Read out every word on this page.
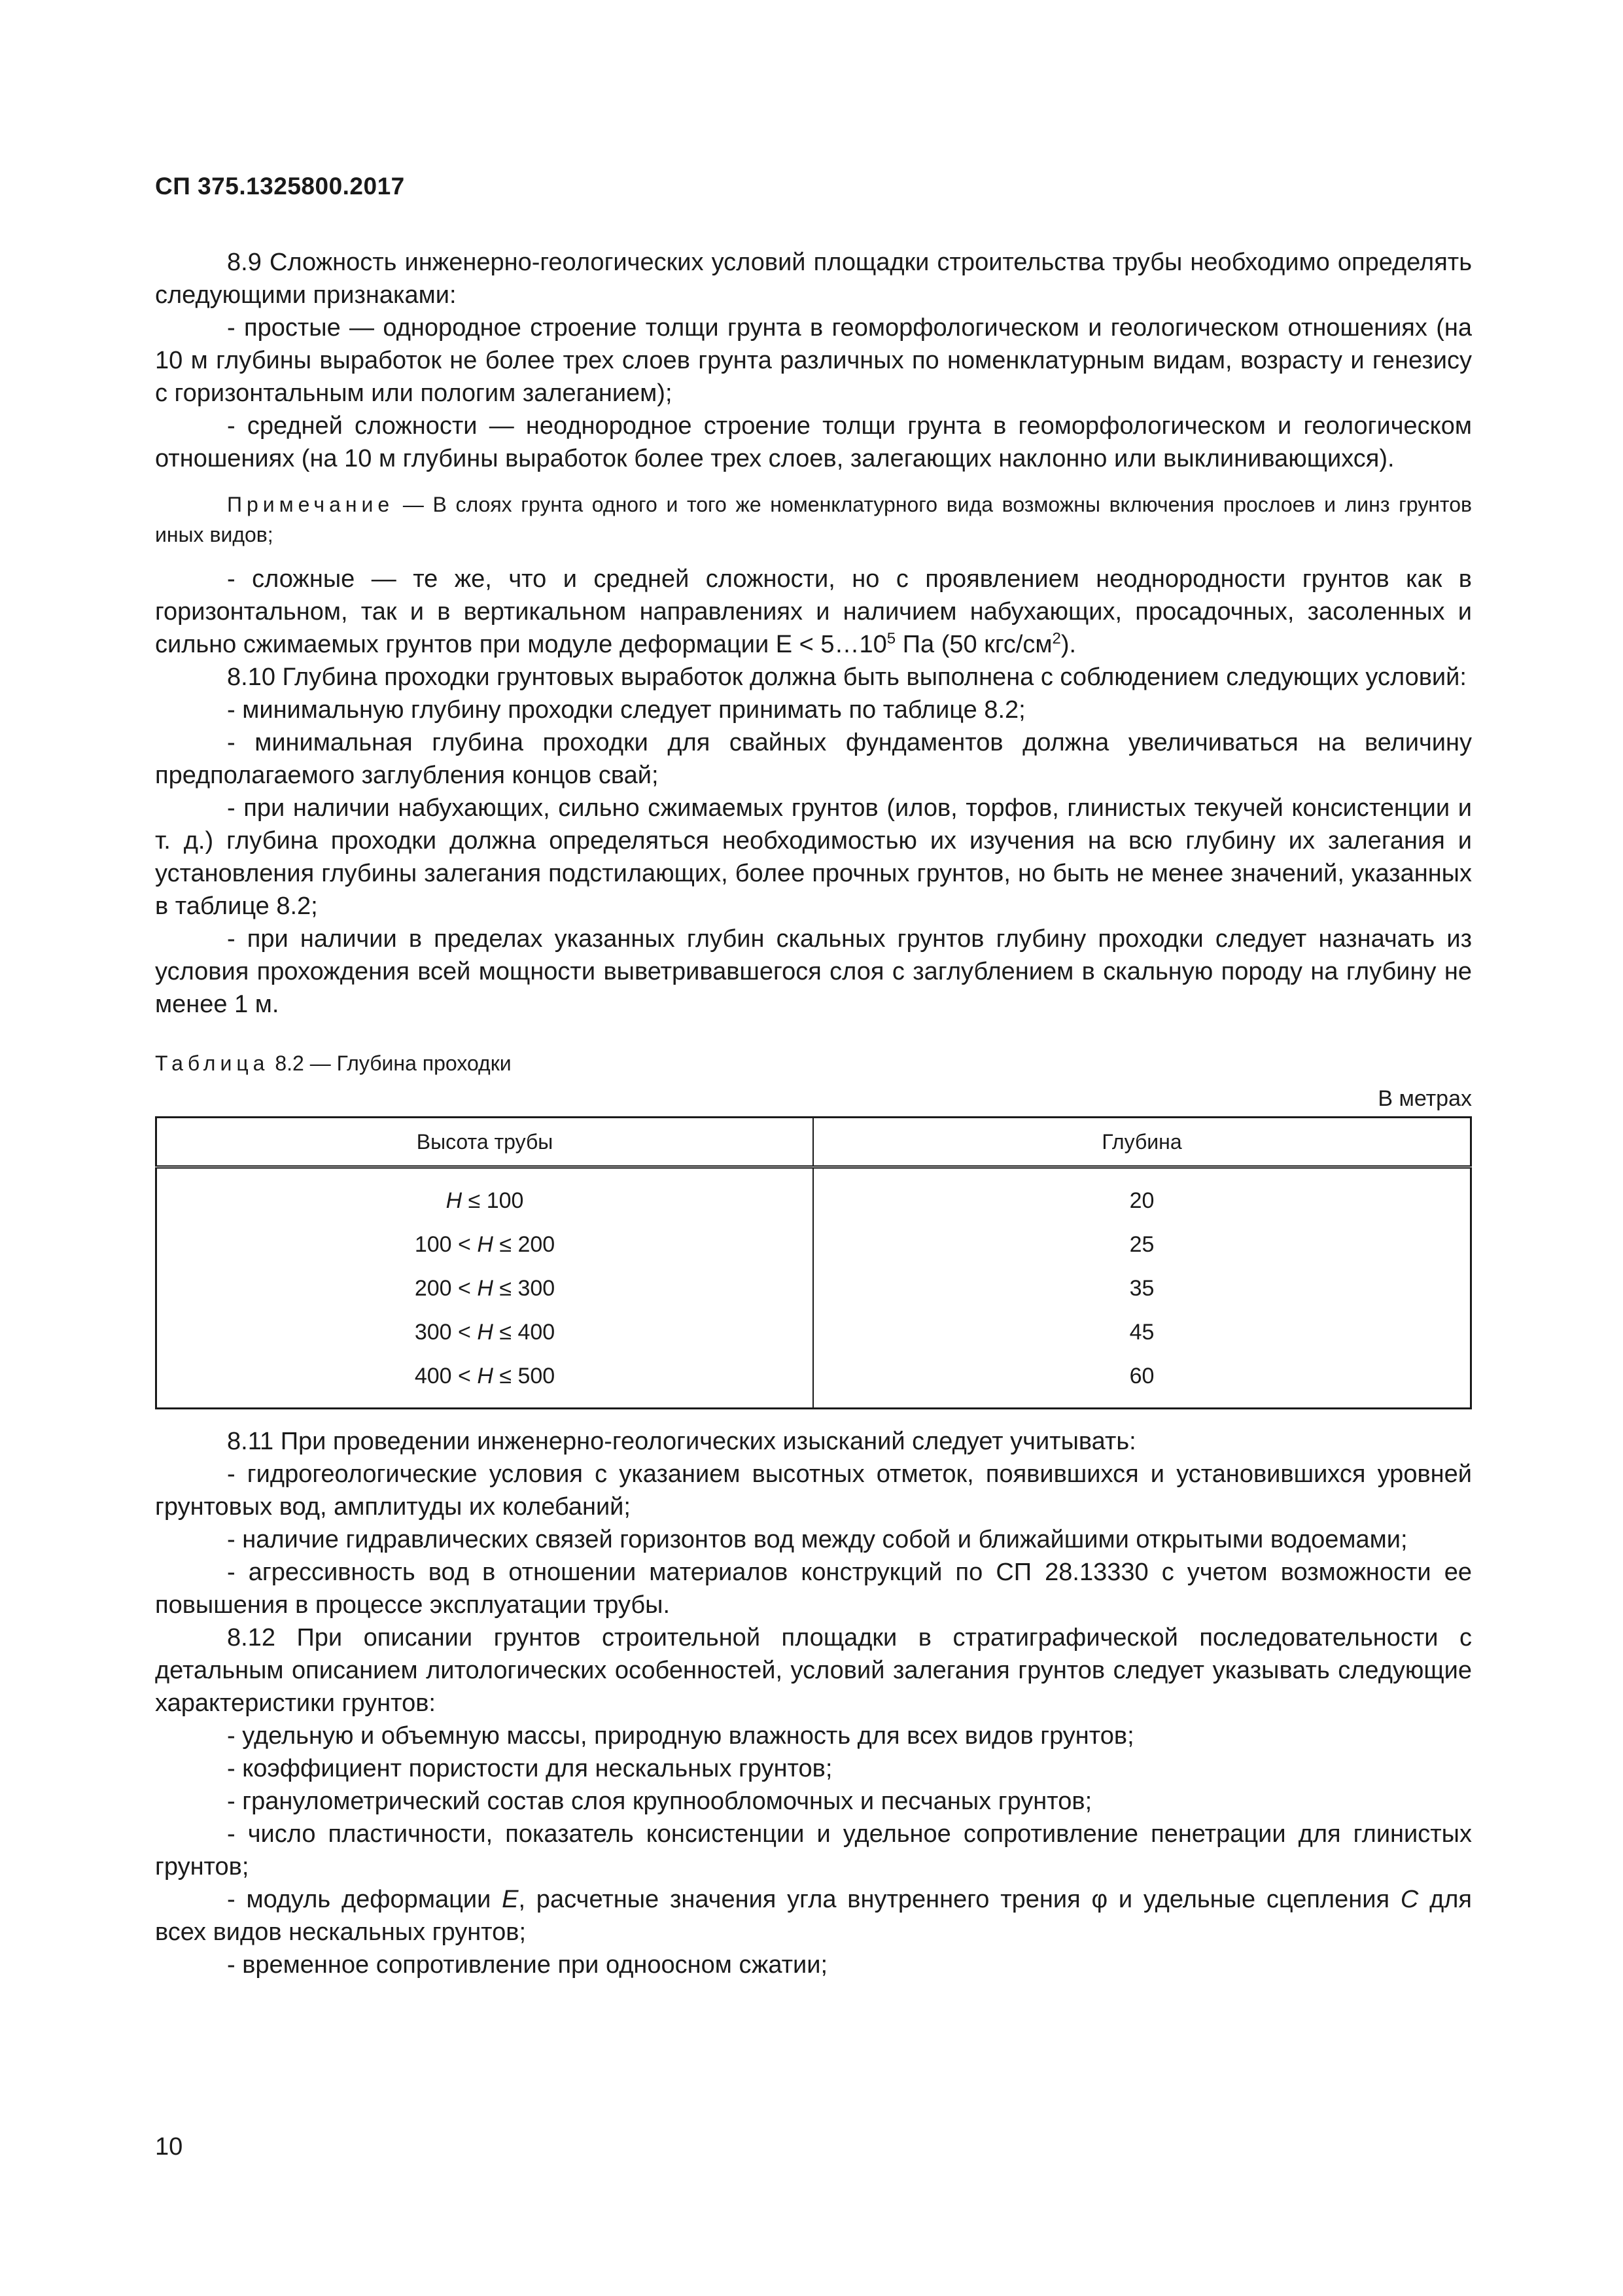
СП 375.1325800.2017

8.9 Сложность инженерно-геологических условий площадки строительства трубы необходимо определять следующими признаками:

- простые — однородное строение толщи грунта в геоморфологическом и геологическом отношениях (на 10 м глубины выработок не более трех слоев грунта различных по номенклатурным видам, возрасту и генезису с горизонтальным или пологим залеганием);

- средней сложности — неоднородное строение толщи грунта в геоморфологическом и геологическом отношениях (на 10 м глубины выработок более трех слоев, залегающих наклонно или выклинивающихся).

Примечание — В слоях грунта одного и того же номенклатурного вида возможны включения прослоев и линз грунтов иных видов;

- сложные — те же, что и средней сложности, но с проявлением неоднородности грунтов как в горизонтальном, так и в вертикальном направлениях и наличием набухающих, просадочных, засоленных и сильно сжимаемых грунтов при модуле деформации $Е < 5\dots 10^5$ Па (50 кгс/$см^2$).

8.10 Глубина проходки грунтовых выработок должна быть выполнена с соблюдением следующих условий:

- минимальную глубину проходки следует принимать по таблице 8.2;

- минимальная глубина проходки для свайных фундаментов должна увеличиваться на величину предполагаемого заглубления концов свай;

- при наличии набухающих, сильно сжимаемых грунтов (илов, торфов, глинистых текучей консистенции и т. д.) глубина проходки должна определяться необходимостью их изучения на всю глубину их залегания и установления глубины залегания подстилающих, более прочных грунтов, но быть не менее значений, указанных в таблице 8.2;

- при наличии в пределах указанных глубин скальных грунтов глубину проходки следует назначать из условия прохождения всей мощности выветривавшегося слоя с заглублением в скальную породу на глубину не менее 1 м.

Таблица 8.2 — Глубина проходки

В метрах

Высота трубы	Глубина
H ≤ 100	20
100 < H ≤ 200	25
200 < H ≤ 300	35
300 < H ≤ 400	45
400 < H ≤ 500	60

8.11 При проведении инженерно-геологических изысканий следует учитывать:

- гидрогеологические условия с указанием высотных отметок, появившихся и установившихся уровней грунтовых вод, амплитуды их колебаний;

- наличие гидравлических связей горизонтов вод между собой и ближайшими открытыми водоемами;

- агрессивность вод в отношении материалов конструкций по СП 28.13330 с учетом возможности ее повышения в процессе эксплуатации трубы.

8.12 При описании грунтов строительной площадки в стратиграфической последовательности с детальным описанием литологических особенностей, условий залегания грунтов следует указывать следующие характеристики грунтов:

- удельную и объемную массы, природную влажность для всех видов грунтов;

- коэффициент пористости для нескальных грунтов;

- гранулометрический состав слоя крупнообломочных и песчаных грунтов;

- число пластичности, показатель консистенции и удельное сопротивление пенетрации для глинистых грунтов;

- модуль деформации E, расчетные значения угла внутреннего трения φ и удельные сцепления C для всех видов нескальных грунтов;

- временное сопротивление при одноосном сжатии;

10
